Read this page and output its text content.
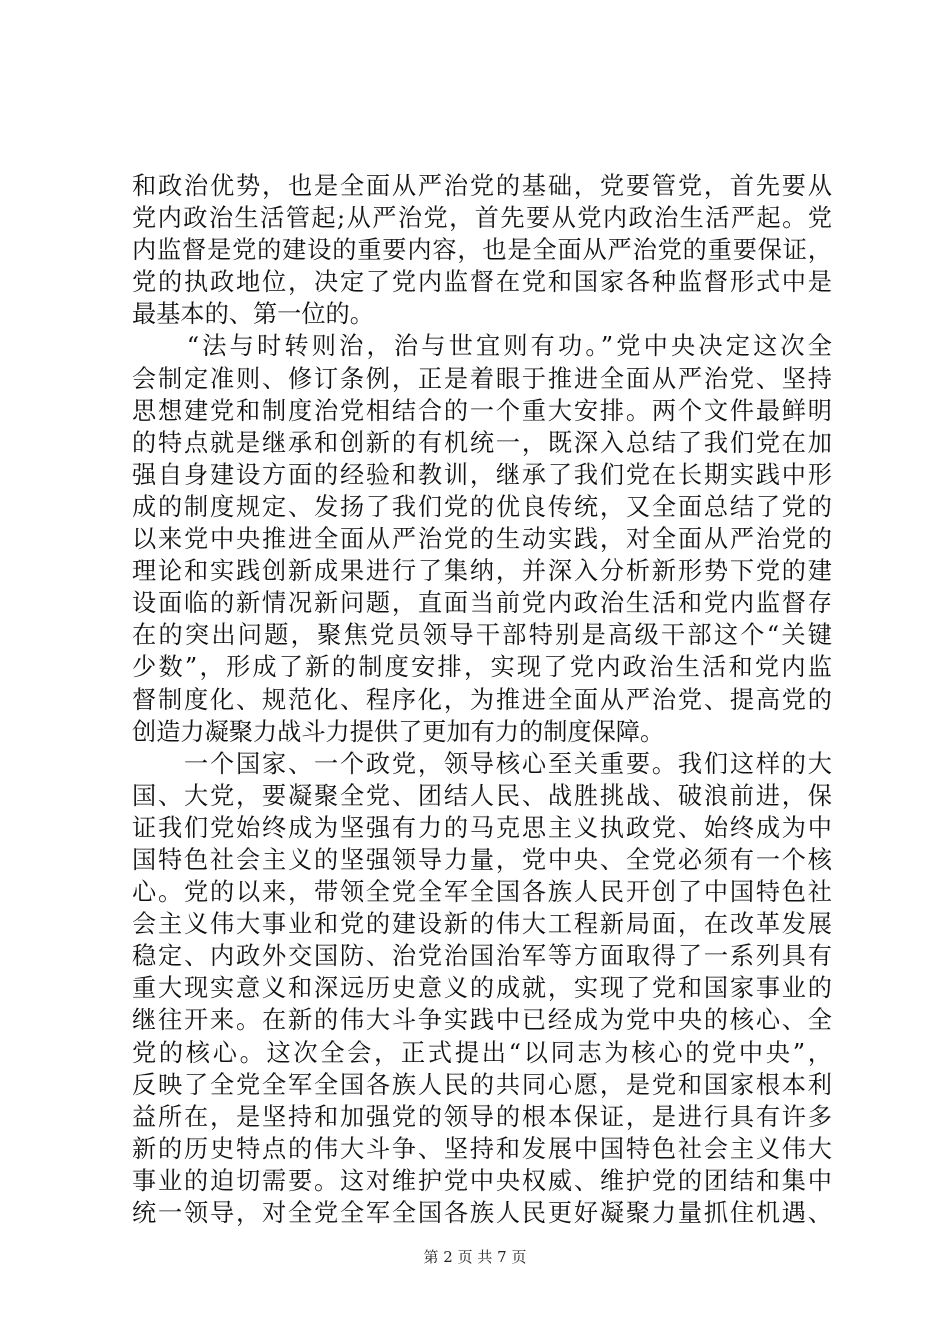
和政治优势，也是全面从严治党的基础，党要管党，首先要从
党内政治生活管起;从严治党，首先要从党内政治生活严起。党
内监督是党的建设的重要内容，也是全面从严治党的重要保证，
党的执政地位，决定了党内监督在党和国家各种监督形式中是
最基本的、第一位的。
　　“法与时转则治，治与世宜则有功。”党中央决定这次全
会制定准则、修订条例，正是着眼于推进全面从严治党、坚持
思想建党和制度治党相结合的一个重大安排。两个文件最鲜明
的特点就是继承和创新的有机统一，既深入总结了我们党在加
强自身建设方面的经验和教训，继承了我们党在长期实践中形
成的制度规定、发扬了我们党的优良传统，又全面总结了党的
以来党中央推进全面从严治党的生动实践，对全面从严治党的
理论和实践创新成果进行了集纳，并深入分析新形势下党的建
设面临的新情况新问题，直面当前党内政治生活和党内监督存
在的突出问题，聚焦党员领导干部特别是高级干部这个“关键
少数”，形成了新的制度安排，实现了党内政治生活和党内监
督制度化、规范化、程序化，为推进全面从严治党、提高党的
创造力凝聚力战斗力提供了更加有力的制度保障。
　　一个国家、一个政党，领导核心至关重要。我们这样的大
国、大党，要凝聚全党、团结人民、战胜挑战、破浪前进，保
证我们党始终成为坚强有力的马克思主义执政党、始终成为中
国特色社会主义的坚强领导力量，党中央、全党必须有一个核
心。党的以来，带领全党全军全国各族人民开创了中国特色社
会主义伟大事业和党的建设新的伟大工程新局面，在改革发展
稳定、内政外交国防、治党治国治军等方面取得了一系列具有
重大现实意义和深远历史意义的成就，实现了党和国家事业的
继往开来。在新的伟大斗争实践中已经成为党中央的核心、全
党的核心。这次全会，正式提出“以同志为核心的党中央”，
反映了全党全军全国各族人民的共同心愿，是党和国家根本利
益所在，是坚持和加强党的领导的根本保证，是进行具有许多
新的历史特点的伟大斗争、坚持和发展中国特色社会主义伟大
事业的迫切需要。这对维护党中央权威、维护党的团结和集中
统一领导，对全党全军全国各族人民更好凝聚力量抓住机遇、
第 2 页 共 7 页
